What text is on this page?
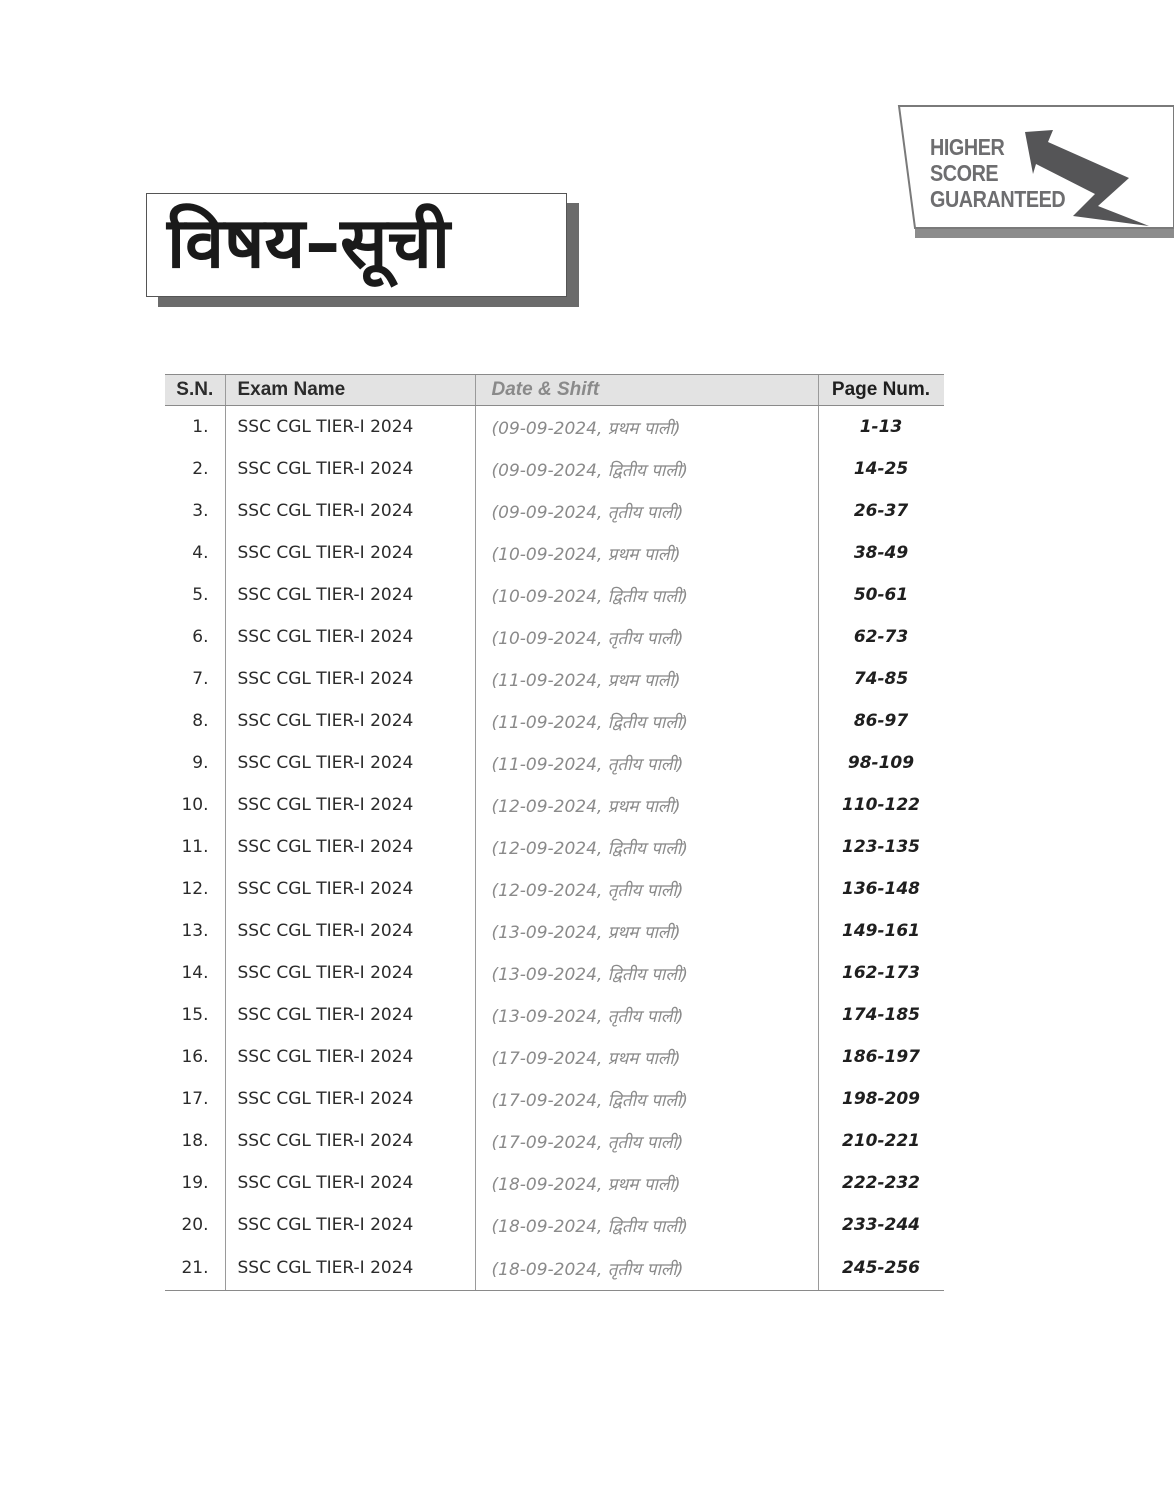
HIGHER
SCORE
GUARANTEED
विषय–सूची
S.N.	Exam Name	Date & Shift	Page Num.
1.	SSC CGL TIER-I 2024	(09-09-2024, प्रथम पाली)	1-13
2.	SSC CGL TIER-I 2024	(09-09-2024, द्वितीय पाली)	14-25
3.	SSC CGL TIER-I 2024	(09-09-2024, तृतीय पाली)	26-37
4.	SSC CGL TIER-I 2024	(10-09-2024, प्रथम पाली)	38-49
5.	SSC CGL TIER-I 2024	(10-09-2024, द्वितीय पाली)	50-61
6.	SSC CGL TIER-I 2024	(10-09-2024, तृतीय पाली)	62-73
7.	SSC CGL TIER-I 2024	(11-09-2024, प्रथम पाली)	74-85
8.	SSC CGL TIER-I 2024	(11-09-2024, द्वितीय पाली)	86-97
9.	SSC CGL TIER-I 2024	(11-09-2024, तृतीय पाली)	98-109
10.	SSC CGL TIER-I 2024	(12-09-2024, प्रथम पाली)	110-122
11.	SSC CGL TIER-I 2024	(12-09-2024, द्वितीय पाली)	123-135
12.	SSC CGL TIER-I 2024	(12-09-2024, तृतीय पाली)	136-148
13.	SSC CGL TIER-I 2024	(13-09-2024, प्रथम पाली)	149-161
14.	SSC CGL TIER-I 2024	(13-09-2024, द्वितीय पाली)	162-173
15.	SSC CGL TIER-I 2024	(13-09-2024, तृतीय पाली)	174-185
16.	SSC CGL TIER-I 2024	(17-09-2024, प्रथम पाली)	186-197
17.	SSC CGL TIER-I 2024	(17-09-2024, द्वितीय पाली)	198-209
18.	SSC CGL TIER-I 2024	(17-09-2024, तृतीय पाली)	210-221
19.	SSC CGL TIER-I 2024	(18-09-2024, प्रथम पाली)	222-232
20.	SSC CGL TIER-I 2024	(18-09-2024, द्वितीय पाली)	233-244
21.	SSC CGL TIER-I 2024	(18-09-2024, तृतीय पाली)	245-256
